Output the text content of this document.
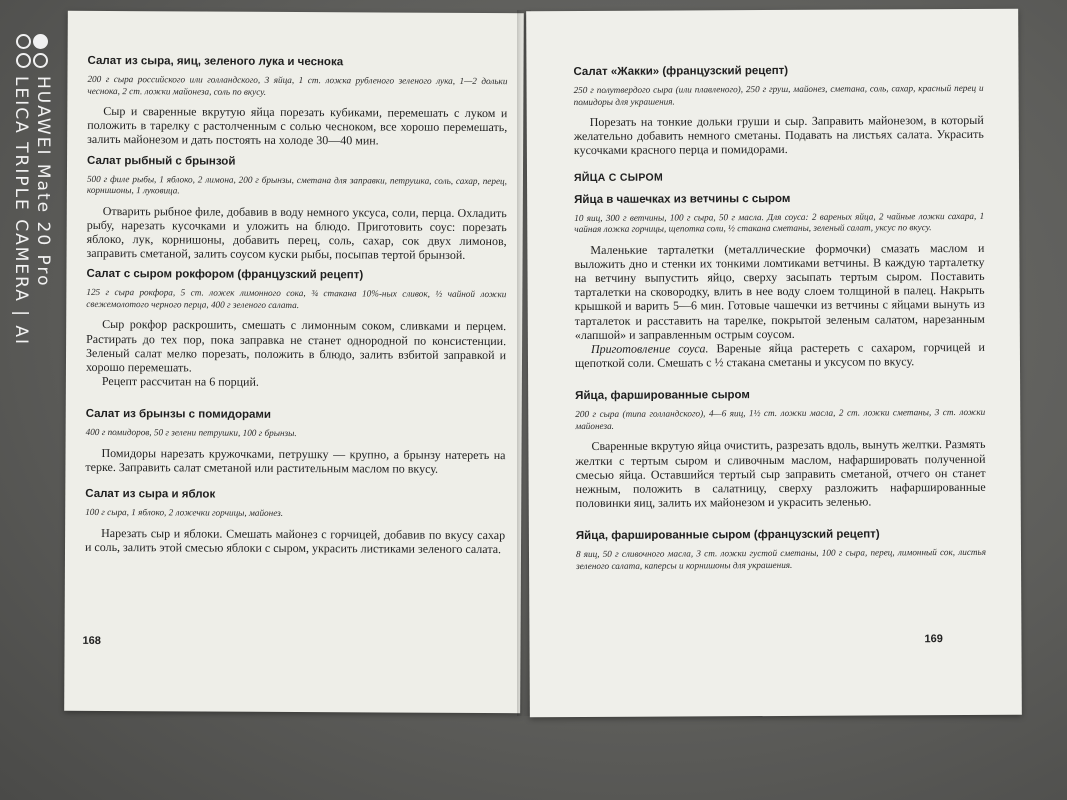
HUAWEI Mate 20 Pro
LEICA TRIPLE CAMERA | AI
Салат из сыра, яиц, зеленого лука и чеснока

200 г сыра российского или голландского, 3 яйца, 1 ст. ложка рубленого зеленого лука, 1—2 дольки чеснока, 2 ст. ложки майонеза, соль по вкусу.

Сыр и сваренные вкрутую яйца порезать кубиками, перемешать с луком и положить в тарелку с растолченным с солью чесноком, все хорошо перемешать, залить майонезом и дать постоять на холоде 30—40 мин.

Салат рыбный с брынзой

500 г филе рыбы, 1 яблоко, 2 лимона, 200 г брынзы, сметана для заправки, петрушка, соль, сахар, перец, корнишоны, 1 луковица.

Отварить рыбное филе, добавив в воду немного уксуса, соли, перца. Охладить рыбу, нарезать кусочками и уложить на блюдо. Приготовить соус: порезать яблоко, лук, корнишоны, добавить перец, соль, сахар, сок двух лимонов, заправить сметаной, залить соусом куски рыбы, посыпав тертой брынзой.

Салат с сыром рокфором (французский рецепт)

125 г сыра рокфора, 5 ст. ложек лимонного сока, ¾ стакана 10%-ных сливок, ½ чайной ложки свежемолотого черного перца, 400 г зеленого салата.

Сыр рокфор раскрошить, смешать с лимонным соком, сливками и перцем. Растирать до тех пор, пока заправка не станет однородной по консистенции. Зеленый салат мелко порезать, положить в блюдо, залить взбитой заправкой и хорошо перемешать.

Рецепт рассчитан на 6 порций.

Салат из брынзы с помидорами

400 г помидоров, 50 г зелени петрушки, 100 г брынзы.

Помидоры нарезать кружочками, петрушку — крупно, а брынзу натереть на терке. Заправить салат сметаной или растительным маслом по вкусу.

Салат из сыра и яблок

100 г сыра, 1 яблоко, 2 ложечки горчицы, майонез.

Нарезать сыр и яблоки. Смешать майонез с горчицей, добавив по вкусу сахар и соль, залить этой смесью яблоки с сыром, украсить листиками зеленого салата.

168
Салат «Жакки» (французский рецепт)

250 г полутвердого сыра (или плавленого), 250 г груш, майонез, сметана, соль, сахар, красный перец и помидоры для украшения.

Порезать на тонкие дольки груши и сыр. Заправить майонезом, в который желательно добавить немного сметаны. Подавать на листьях салата. Украсить кусочками красного перца и помидорами.

ЯЙЦА С СЫРОМ
Яйца в чашечках из ветчины с сыром

10 яиц, 300 г ветчины, 100 г сыра, 50 г масла. Для соуса: 2 вареных яйца, 2 чайные ложки сахара, 1 чайная ложка горчицы, щепотка соли, ½ стакана сметаны, зеленый салат, уксус по вкусу.

Маленькие тарталетки (металлические формочки) смазать маслом и выложить дно и стенки их тонкими ломтиками ветчины. В каждую тарталетку на ветчину выпустить яйцо, сверху засыпать тертым сыром. Поставить тарталетки на сковородку, влить в нее воду слоем толщиной в палец. Накрыть крышкой и варить 5—6 мин. Готовые чашечки из ветчины с яйцами вынуть из тарталеток и расставить на тарелке, покрытой зеленым салатом, нарезанным «лапшой» и заправленным острым соусом.

Приготовление соуса. Вареные яйца растереть с сахаром, горчицей и щепоткой соли. Смешать с ½ стакана сметаны и уксусом по вкусу.

Яйца, фаршированные сыром

200 г сыра (типа голландского), 4—6 яиц, 1½ ст. ложки масла, 2 ст. ложки сметаны, 3 ст. ложки майонеза.

Сваренные вкрутую яйца очистить, разрезать вдоль, вынуть желтки. Размять желтки с тертым сыром и сливочным маслом, нафаршировать полученной смесью яйца. Оставшийся тертый сыр заправить сметаной, отчего он станет нежным, положить в салатницу, сверху разложить нафаршированные половинки яиц, залить их майонезом и украсить зеленью.

Яйца, фаршированные сыром (французский рецепт)

8 яиц, 50 г сливочного масла, 3 ст. ложки густой сметаны, 100 г сыра, перец, лимонный сок, листья зеленого салата, каперсы и корнишоны для украшения.

169
